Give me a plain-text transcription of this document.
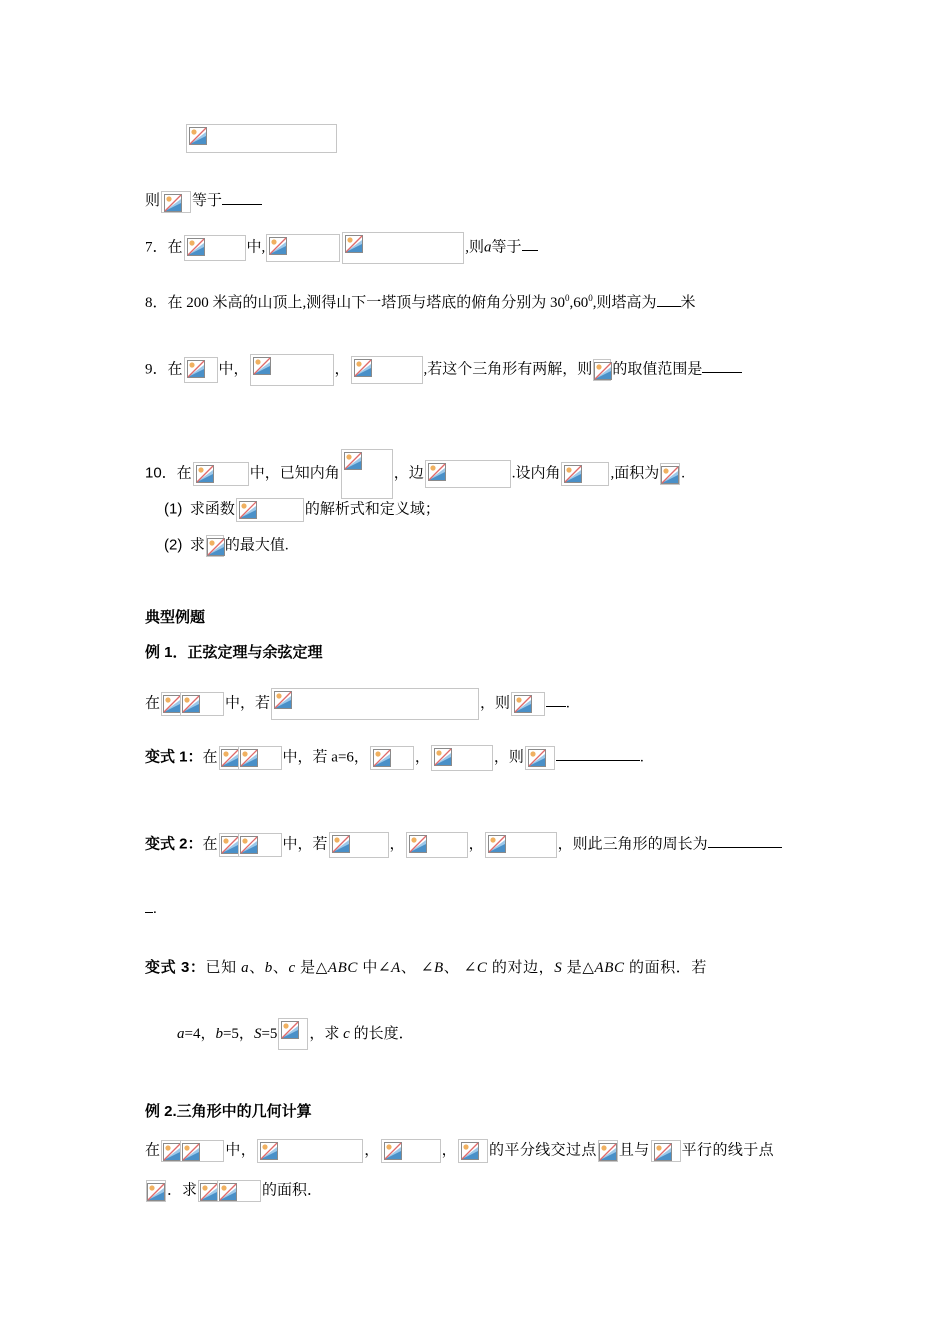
则 等于
7．在	中,	,则a等于
8．在 200 米高的山顶上,测得山下一塔顶与塔底的俯角分别为 $30^0,60^0$,则塔高为 米
9．在 中，	，	,若这个三角形有两解，则 的取值范围是
10．在	中，已知内角	，边	.设内角	,面积为 .
(1) 求函数	的解析式和定义域；
(2) 求 的最大值.
典型例题
例 1．正弦定理与余弦定理
在	中，若	，则	.
变式 1：在	中，若 a=6，	，	，则	.
变式 2：在	中，若	，	，	，则此三角形的周长为
.
变式 3：已知 a、b、c 是△ABC 中∠A、 ∠B、 ∠C 的对边，S 是△ABC 的面积．若
a=4，b=5，S=5 ，求 c 的长度．
例 2.三角形中的几何计算
在	中，	，	， 的平分线交过点 且与 平行的线于点
．求	的面积．
